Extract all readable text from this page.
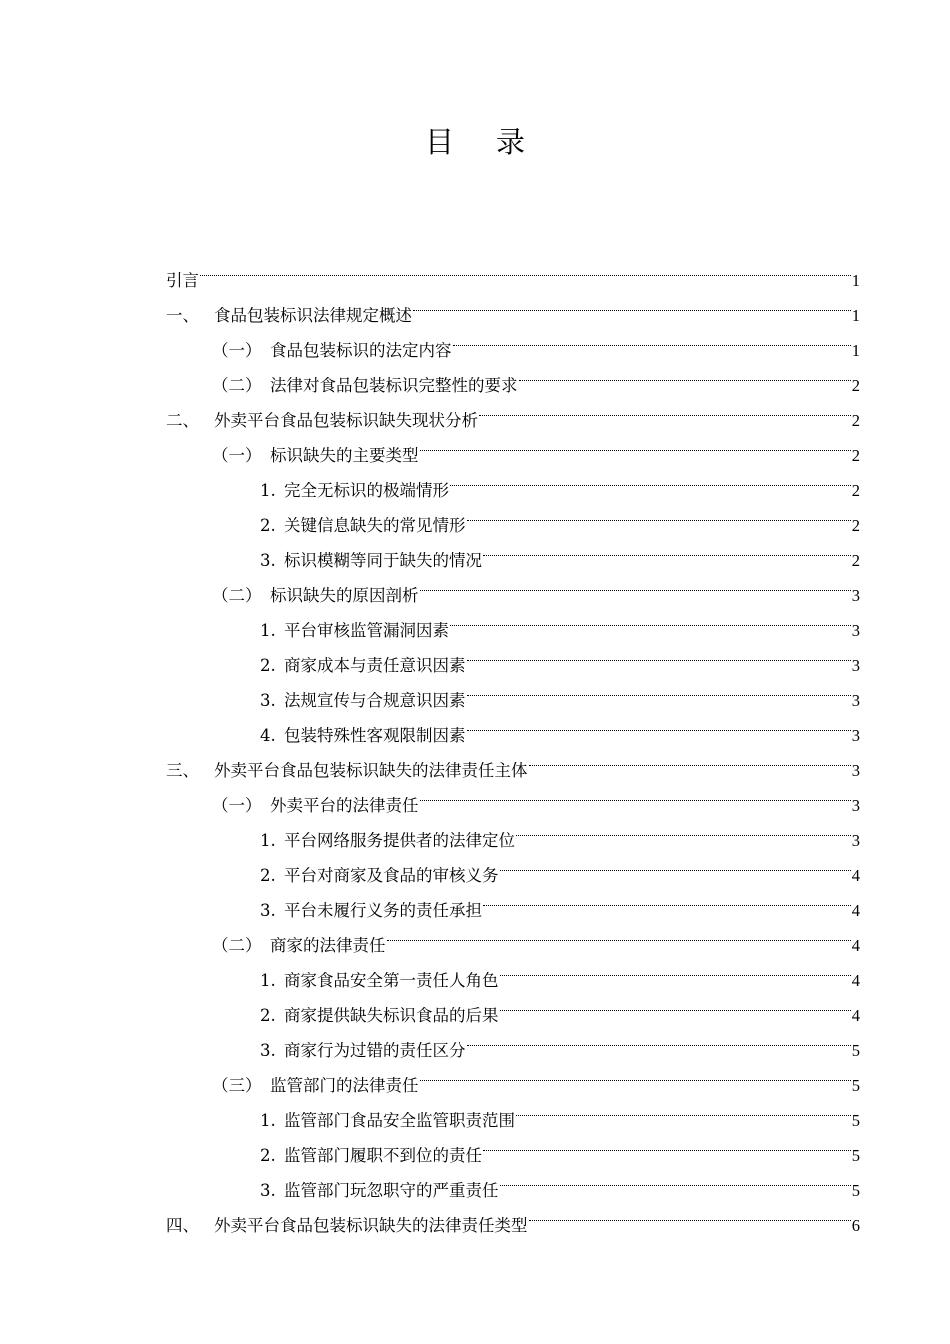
目录
引言	1
一、 食品包装标识法律规定概述	1
（一） 食品包装标识的法定内容	1
（二） 法律对食品包装标识完整性的要求	2
二、 外卖平台食品包装标识缺失现状分析	2
（一） 标识缺失的主要类型	2
1. 完全无标识的极端情形	2
2. 关键信息缺失的常见情形	2
3. 标识模糊等同于缺失的情况	2
（二） 标识缺失的原因剖析	3
1. 平台审核监管漏洞因素	3
2. 商家成本与责任意识因素	3
3. 法规宣传与合规意识因素	3
4. 包装特殊性客观限制因素	3
三、 外卖平台食品包装标识缺失的法律责任主体	3
（一） 外卖平台的法律责任	3
1. 平台网络服务提供者的法律定位	3
2. 平台对商家及食品的审核义务	4
3. 平台未履行义务的责任承担	4
（二） 商家的法律责任	4
1. 商家食品安全第一责任人角色	4
2. 商家提供缺失标识食品的后果	4
3. 商家行为过错的责任区分	5
（三） 监管部门的法律责任	5
1. 监管部门食品安全监管职责范围	5
2. 监管部门履职不到位的责任	5
3. 监管部门玩忽职守的严重责任	5
四、 外卖平台食品包装标识缺失的法律责任类型	6
